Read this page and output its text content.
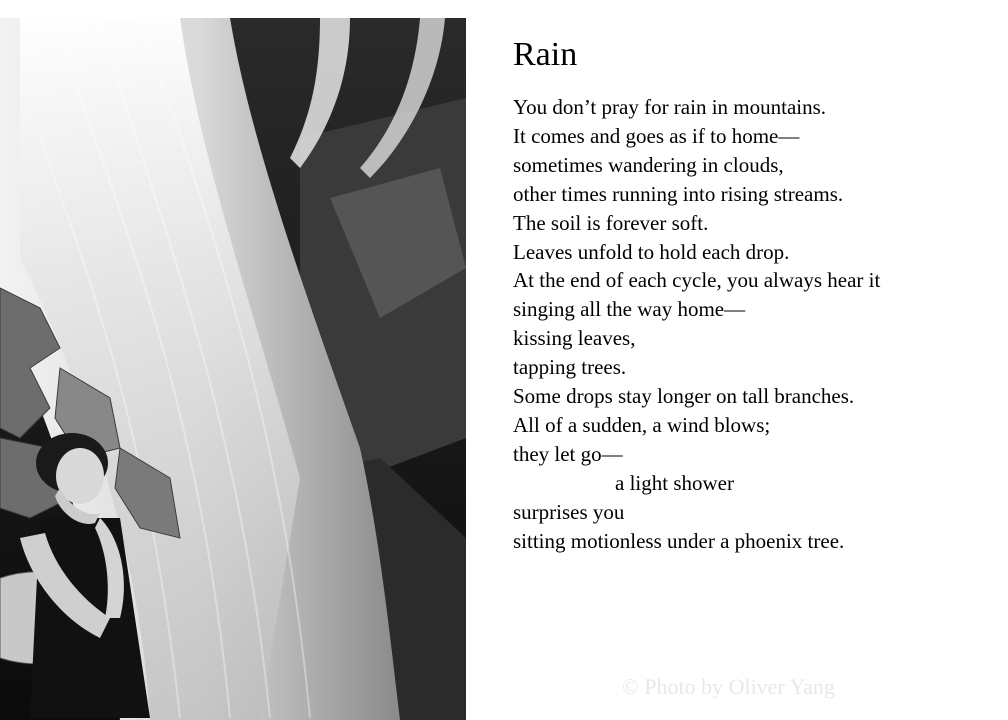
Rain
You don’t pray for rain in mountains.
It comes and goes as if to home—
sometimes wandering in clouds,
other times running into rising streams.
The soil is forever soft.
Leaves unfold to hold each drop.
At the end of each cycle, you always hear it
singing all the way home—
kissing leaves,
tapping trees.
Some drops stay longer on tall branches.
All of a sudden, a wind blows;
they let go—
a light shower
surprises you
sitting motionless under a phoenix tree.
© Photo by Oliver Yang
